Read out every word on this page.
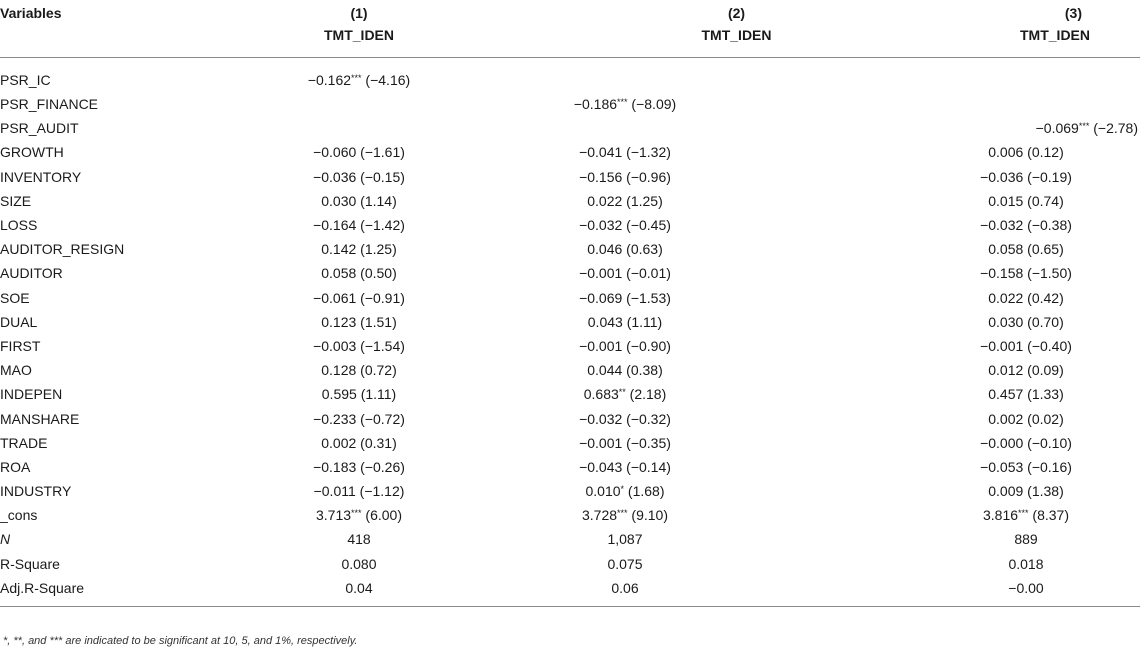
Variables	(1)		(2)		(3)
	TMT_IDEN		TMT_IDEN		TMT_IDEN
PSR_IC	−0.162*** (−4.16)				
PSR_FINANCE		−0.186*** (−8.09)			
PSR_AUDIT				−0.069*** (−2.78)	
GROWTH	−0.060 (−1.61)	−0.041 (−1.32)		0.006 (0.12)	
INVENTORY	−0.036 (−0.15)	−0.156 (−0.96)		−0.036 (−0.19)	
SIZE	0.030 (1.14)	0.022 (1.25)		0.015 (0.74)	
LOSS	−0.164 (−1.42)	−0.032 (−0.45)		−0.032 (−0.38)	
AUDITOR_RESIGN	0.142 (1.25)	0.046 (0.63)		0.058 (0.65)	
AUDITOR	0.058 (0.50)	−0.001 (−0.01)		−0.158 (−1.50)	
SOE	−0.061 (−0.91)	−0.069 (−1.53)		0.022 (0.42)	
DUAL	0.123 (1.51)	0.043 (1.11)		0.030 (0.70)	
FIRST	−0.003 (−1.54)	−0.001 (−0.90)		−0.001 (−0.40)	
MAO	0.128 (0.72)	0.044 (0.38)		0.012 (0.09)	
INDEPEN	0.595 (1.11)	0.683** (2.18)		0.457 (1.33)	
MANSHARE	−0.233 (−0.72)	−0.032 (−0.32)		0.002 (0.02)	
TRADE	0.002 (0.31)	−0.001 (−0.35)		−0.000 (−0.10)	
ROA	−0.183 (−0.26)	−0.043 (−0.14)		−0.053 (−0.16)	
INDUSTRY	−0.011 (−1.12)	0.010* (1.68)		0.009 (1.38)	
_cons	3.713*** (6.00)	3.728*** (9.10)		3.816*** (8.37)	
N	418	1,087		889	
R-Square	0.080	0.075		0.018	
Adj.R-Square	0.04	0.06		−0.00	
*, **, and *** are indicated to be significant at 10, 5, and 1%, respectively.
